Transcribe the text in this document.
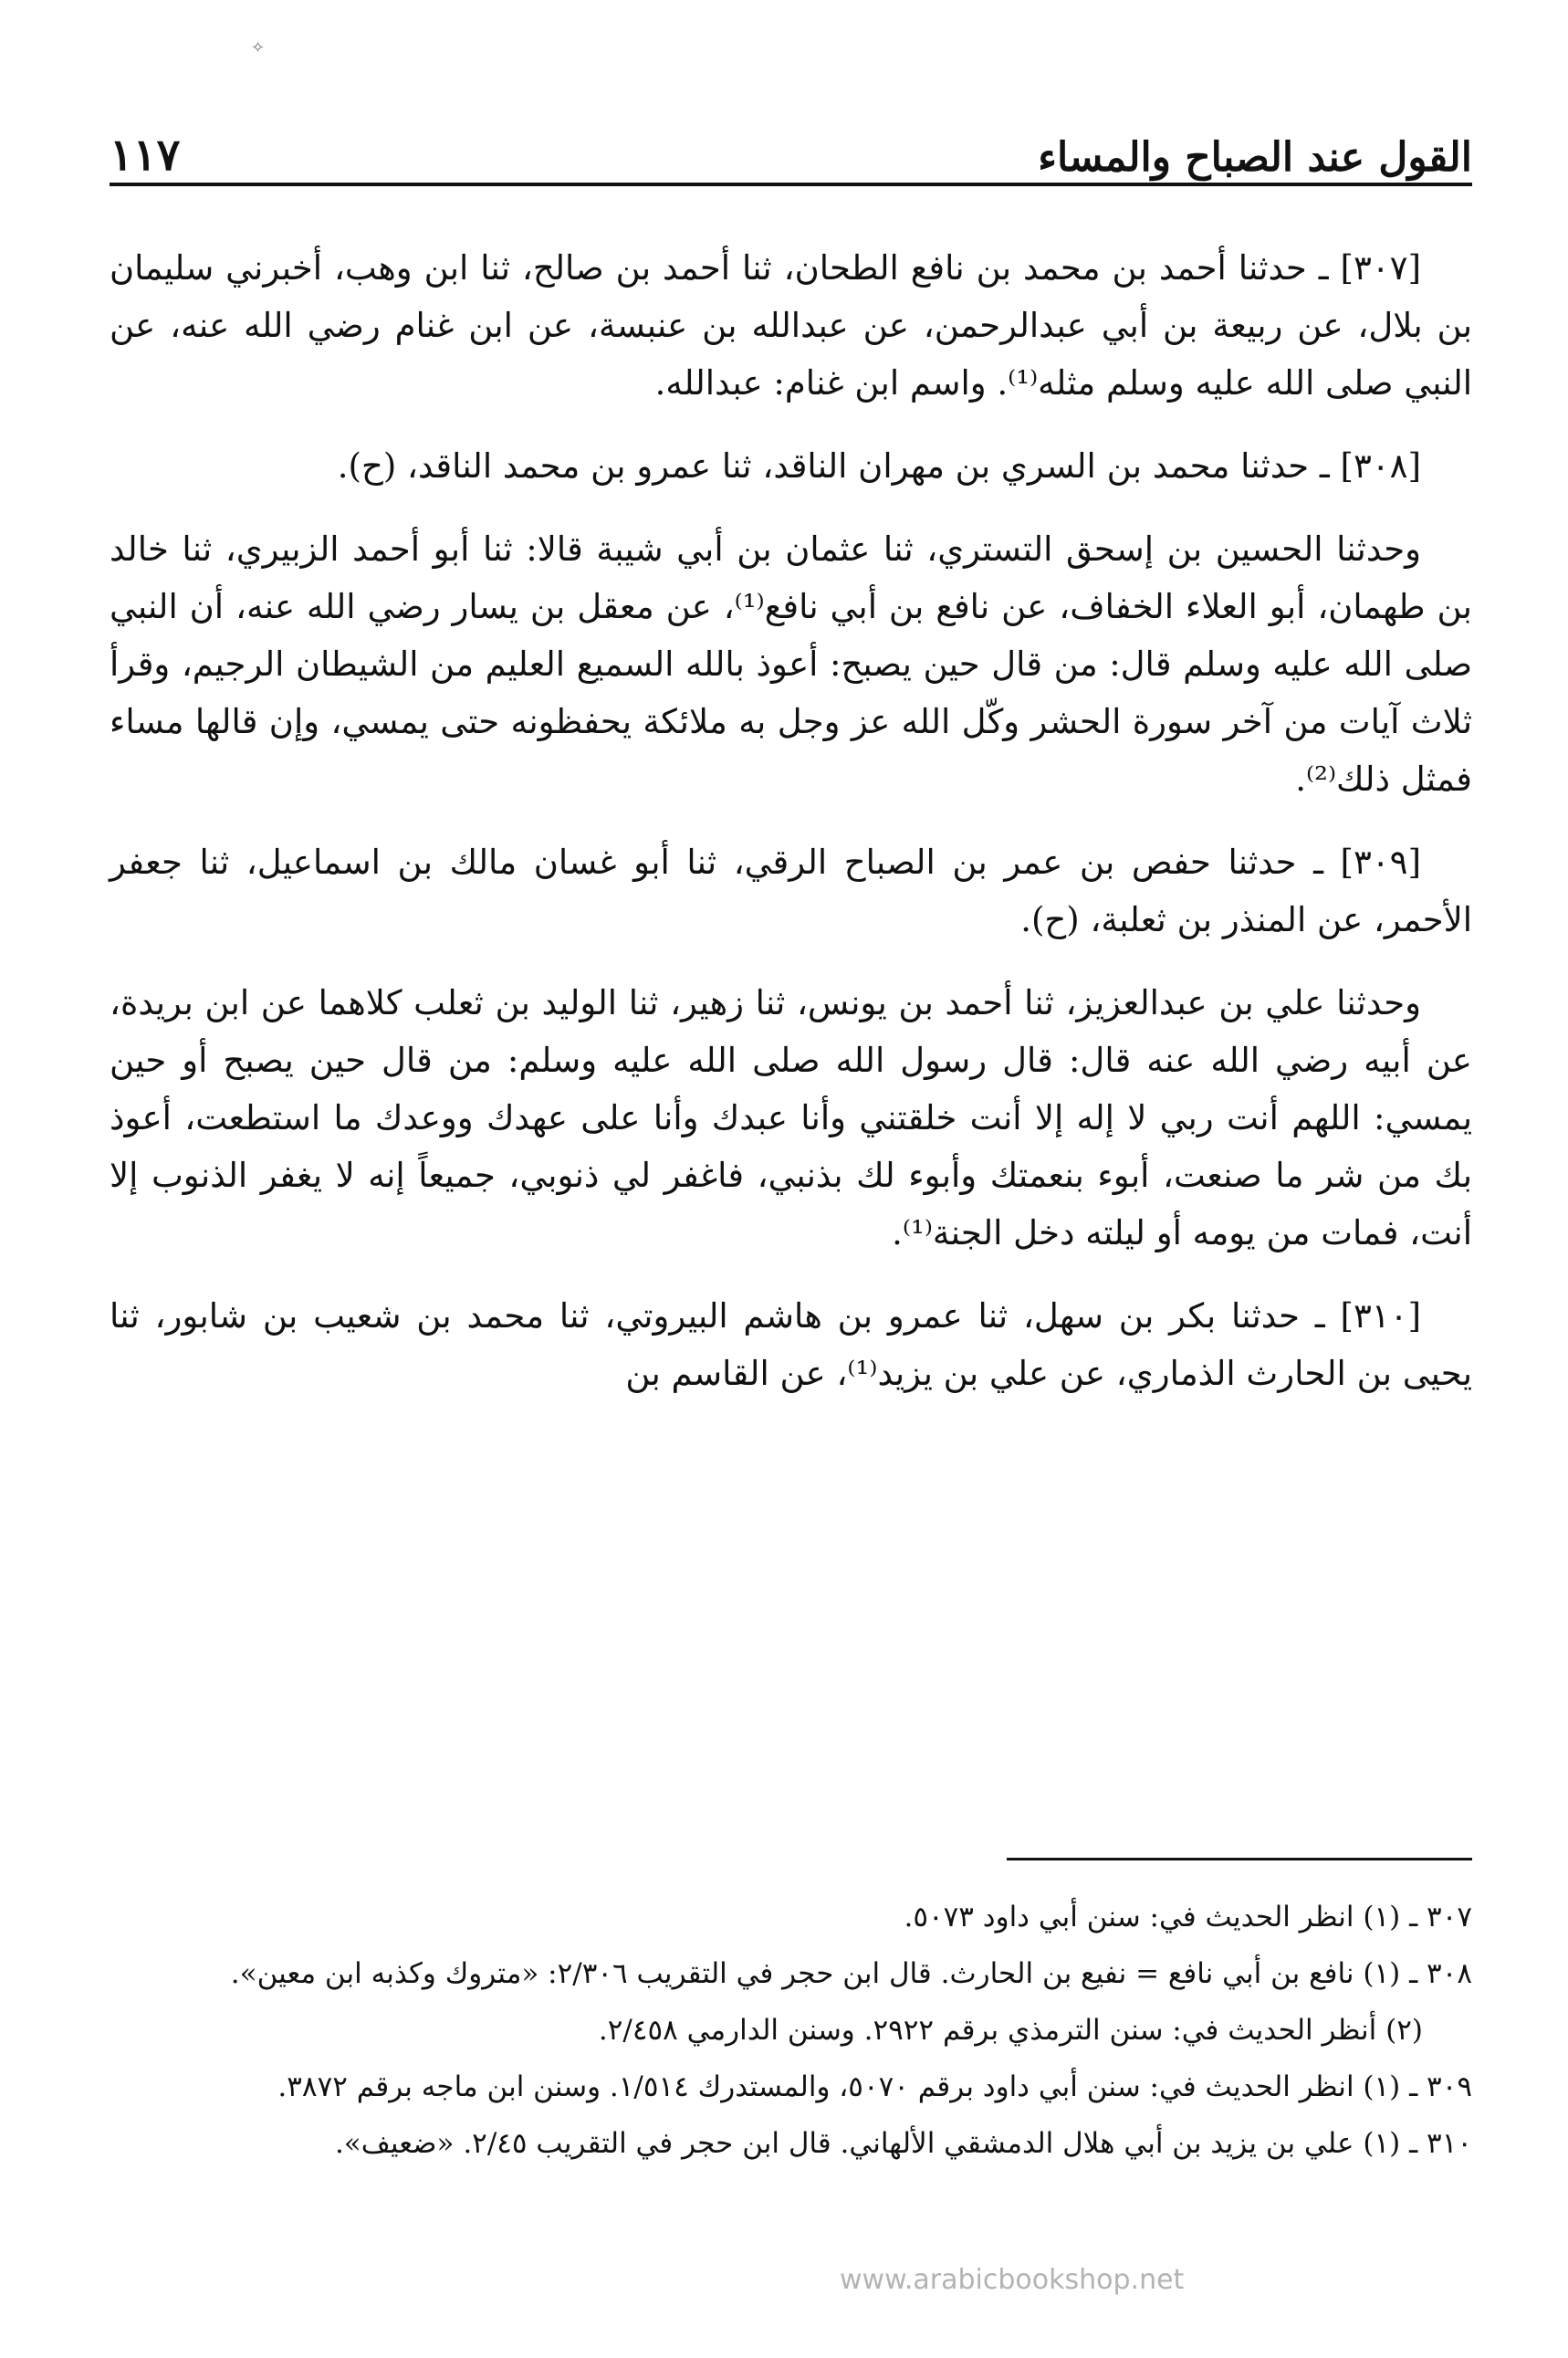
✧
القول عند الصباح والمساء
١١٧

[٣٠٧] ـ حدثنا أحمد بن محمد بن نافع الطحان، ثنا أحمد بن صالح، ثنا ابن وهب، أخبرني سليمان بن بلال، عن ربيعة بن أبي عبدالرحمن، عن عبدالله بن عنبسة، عن ابن غنام رضي الله عنه، عن النبي صلى الله عليه وسلم مثله⁽¹⁾. واسم ابن غنام: عبدالله.

[٣٠٨] ـ حدثنا محمد بن السري بن مهران الناقد، ثنا عمرو بن محمد الناقد، (ح).

وحدثنا الحسين بن إسحق التستري، ثنا عثمان بن أبي شيبة قالا: ثنا أبو أحمد الزبيري، ثنا خالد بن طهمان، أبو العلاء الخفاف، عن نافع بن أبي نافع⁽¹⁾، عن معقل بن يسار رضي الله عنه، أن النبي صلى الله عليه وسلم قال: من قال حين يصبح: أعوذ بالله السميع العليم من الشيطان الرجيم، وقرأ ثلاث آيات من آخر سورة الحشر وكّل الله عز وجل به ملائكة يحفظونه حتى يمسي، وإن قالها مساء فمثل ذلك⁽²⁾.

[٣٠٩] ـ حدثنا حفص بن عمر بن الصباح الرقي، ثنا أبو غسان مالك بن اسماعيل، ثنا جعفر الأحمر، عن المنذر بن ثعلبة، (ح).

وحدثنا علي بن عبدالعزيز، ثنا أحمد بن يونس، ثنا زهير، ثنا الوليد بن ثعلب كلاهما عن ابن بريدة، عن أبيه رضي الله عنه قال: قال رسول الله صلى الله عليه وسلم: من قال حين يصبح أو حين يمسي: اللهم أنت ربي لا إله إلا أنت خلقتني وأنا عبدك وأنا على عهدك ووعدك ما استطعت، أعوذ بك من شر ما صنعت، أبوء بنعمتك وأبوء لك بذنبي، فاغفر لي ذنوبي، جميعاً إنه لا يغفر الذنوب إلا أنت، فمات من يومه أو ليلته دخل الجنة⁽¹⁾.

[٣١٠] ـ حدثنا بكر بن سهل، ثنا عمرو بن هاشم البيروتي، ثنا محمد بن شعيب بن شابور، ثنا يحيى بن الحارث الذماري، عن علي بن يزيد⁽¹⁾، عن القاسم بن

٣٠٧ ـ (١) انظر الحديث في: سنن أبي داود ٥٠٧٣.

٣٠٨ ـ (١) نافع بن أبي نافع = نفيع بن الحارث. قال ابن حجر في التقريب ٢/٣٠٦: «متروك وكذبه ابن معين».

(٢) أنظر الحديث في: سنن الترمذي برقم ٢٩٢٢. وسنن الدارمي ٢/٤٥٨.

٣٠٩ ـ (١) انظر الحديث في: سنن أبي داود برقم ٥٠٧٠، والمستدرك ١/٥١٤. وسنن ابن ماجه برقم ٣٨٧٢.

٣١٠ ـ (١) علي بن يزيد بن أبي هلال الدمشقي الألهاني. قال ابن حجر في التقريب ٢/٤٥. «ضعيف».

www.arabicbookshop.net
